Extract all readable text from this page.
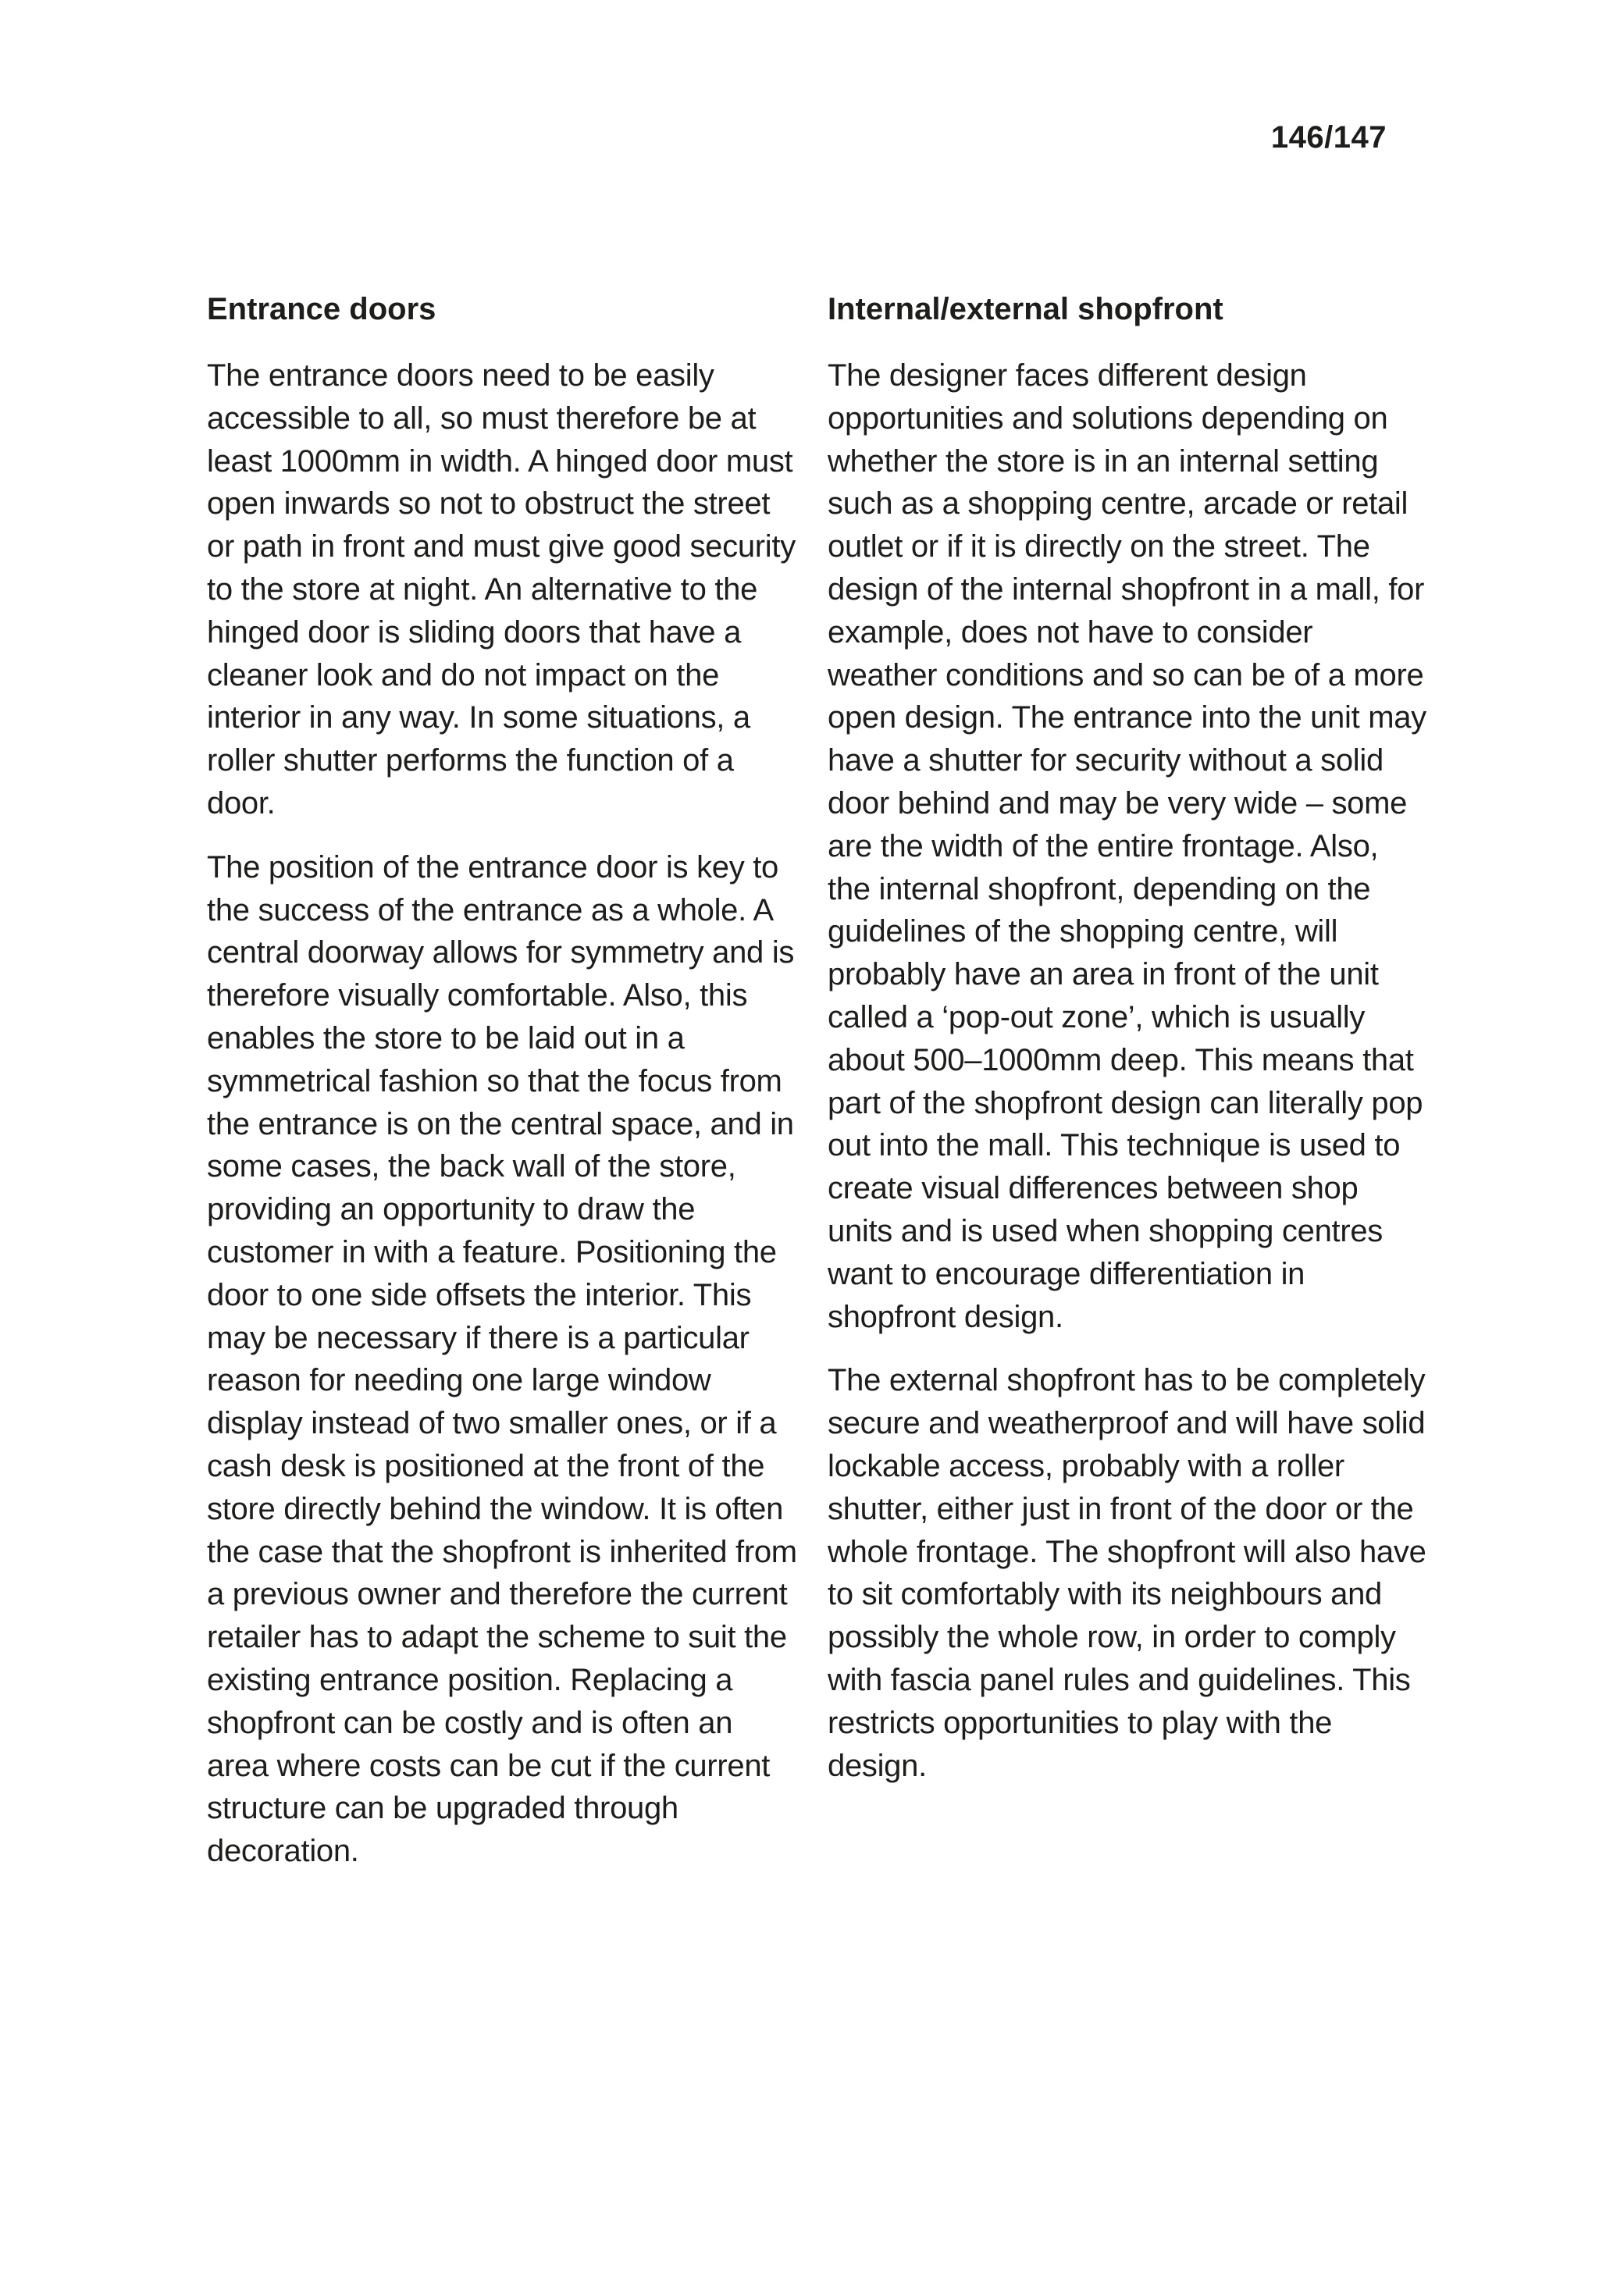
146/147

Entrance doors

The entrance doors need to be easily accessible to all, so must therefore be at least 1000mm in width. A hinged door must open inwards so not to obstruct the street or path in front and must give good security to the store at night. An alternative to the hinged door is sliding doors that have a cleaner look and do not impact on the interior in any way. In some situations, a roller shutter performs the function of a door.

The position of the entrance door is key to the success of the entrance as a whole. A central doorway allows for symmetry and is therefore visually comfortable. Also, this enables the store to be laid out in a symmetrical fashion so that the focus from the entrance is on the central space, and in some cases, the back wall of the store, providing an opportunity to draw the customer in with a feature. Positioning the door to one side offsets the interior. This may be necessary if there is a particular reason for needing one large window display instead of two smaller ones, or if a cash desk is positioned at the front of the store directly behind the window. It is often the case that the shopfront is inherited from a previous owner and therefore the current retailer has to adapt the scheme to suit the existing entrance position. Replacing a shopfront can be costly and is often an area where costs can be cut if the current structure can be upgraded through decoration.

Internal/external shopfront

The designer faces different design opportunities and solutions depending on whether the store is in an internal setting such as a shopping centre, arcade or retail outlet or if it is directly on the street. The design of the internal shopfront in a mall, for example, does not have to consider weather conditions and so can be of a more open design. The entrance into the unit may have a shutter for security without a solid door behind and may be very wide – some are the width of the entire frontage. Also, the internal shopfront, depending on the guidelines of the shopping centre, will probably have an area in front of the unit called a ‘pop-out zone’, which is usually about 500–1000mm deep. This means that part of the shopfront design can literally pop out into the mall. This technique is used to create visual differences between shop units and is used when shopping centres want to encourage differentiation in shopfront design.

The external shopfront has to be completely secure and weatherproof and will have solid lockable access, probably with a roller shutter, either just in front of the door or the whole frontage. The shopfront will also have to sit comfortably with its neighbours and possibly the whole row, in order to comply with fascia panel rules and guidelines. This restricts opportunities to play with the design.
